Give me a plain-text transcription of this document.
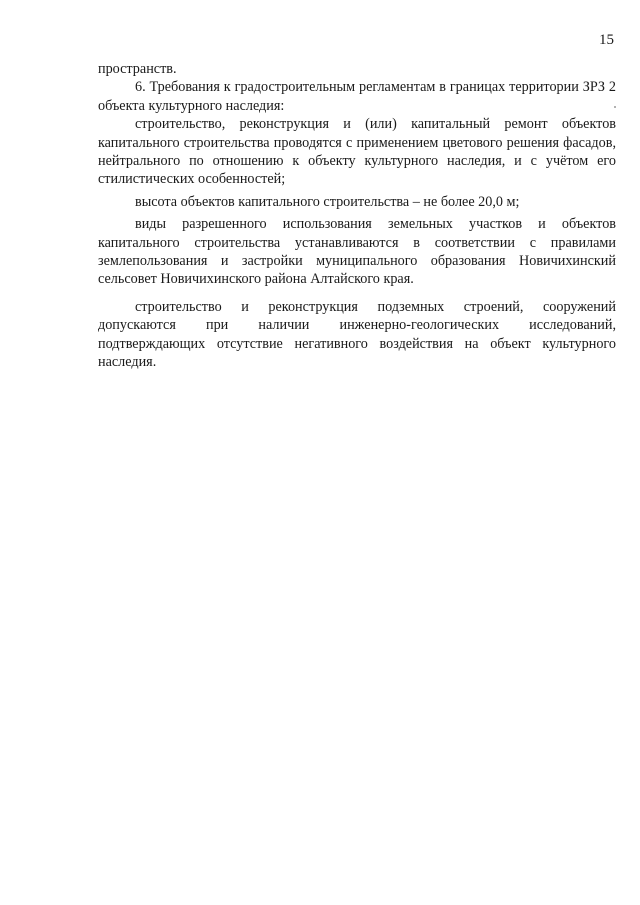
15

пространств.

6. Требования к градостроительным регламентам в границах территории ЗРЗ 2 объекта культурного наследия:

строительство, реконструкция и (или) капитальный ремонт объектов капитального строительства проводятся с применением цветового решения фасадов, нейтрального по отношению к объекту культурного наследия, и с учётом его стилистических особенностей;

высота объектов капитального строительства – не более 20,0 м;

виды разрешенного использования земельных участков и объектов капитального строительства устанавливаются в соответствии с правилами землепользования и застройки муниципального образования Новичихинский сельсовет Новичихинского района Алтайского края.

строительство и реконструкция подземных строений, сооружений допускаются при наличии инженерно-геологических исследований, подтверждающих отсутствие негативного воздействия на объект культурного наследия.
